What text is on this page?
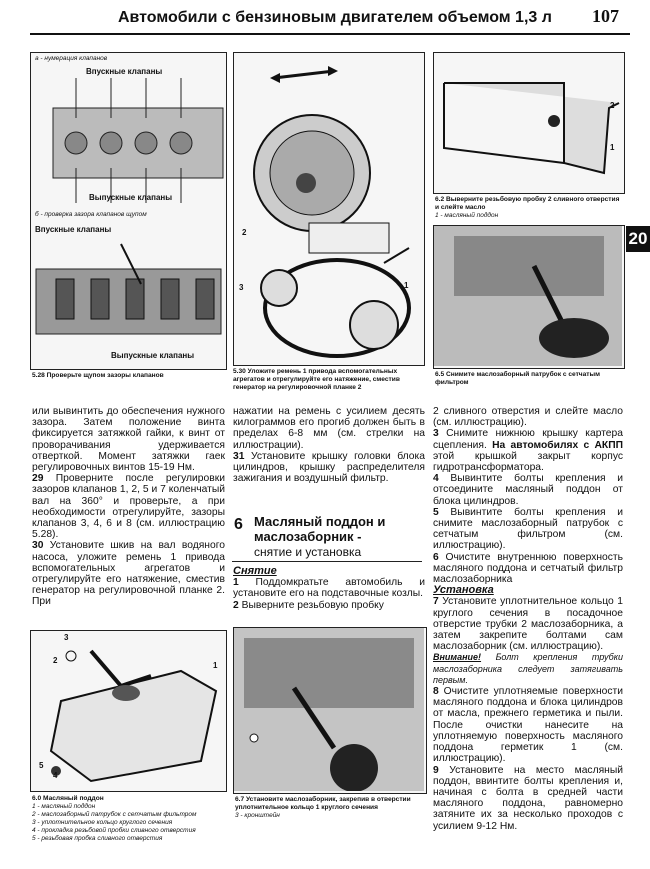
Автомобили с бензиновым двигателем объемом 1,3 л 107
20
а - нумерация клапанов
Впускные клапаны
Выпускные клапаны
б - проверка зазора клапанов щупом
Впускные клапаны
Выпускные клапаны
5.28 Проверьте щупом зазоры клапанов
2
1
3
5.30 Уложите ремень 1 привода вспомогательных агрегатов и отрегулируйте его натяжение, сместив генератор на регулировочной планке 2
2
1
6.2 Выверните резьбовую пробку 2 сливного отверстия и слейте масло
1 - масляный поддон
6.5 Снимите маслозаборный патрубок с сетчатым фильтром

или вывинтить до обеспечения нужного зазора. Затем положение винта фиксируется затяжкой гайки, к винт от проворачивания удерживается отверткой. Момент затяжки гаек регулировочных винтов 15-19 Нм.

29 Проверните после регулировки зазоров клапанов 1, 2, 5 и 7 коленчатый вал на 360° и проверьте, а при необходимости отрегулируйте, зазоры клапанов 3, 4, 6 и 8 (см. иллюстрацию 5.28).

30 Установите шкив на вал водяного насоса, уложите ремень 1 привода вспомогательных агрегатов и отрегулируйте его натяжение, сместив генератор на регулировочной планке 2. При

3
2
1
5
4
6.0 Масляный поддон
1 - масляный поддон
2 - маслозаборный патрубок с сетчатым фильтром
3 - уплотнительное кольцо круглого сечения
4 - прокладка резьбовой пробки сливного отверстия
5 - резьбовая пробка сливного отверстия

нажатии на ремень с усилием десять килограммов его прогиб должен быть в пределах 6-8 мм (см. стрелки на иллюстрации).

31 Установите крышку головки блока цилиндров, крышку распределителя зажигания и воздушный фильтр.

6 Масляный поддон и маслозаборник -
снятие и установка

Снятие

1 Поддомкратьте автомобиль и установите его на подставочные козлы.

2 Выверните резьбовую пробку

6.7 Установите маслозаборник, закрепив в отверстии уплотнительное кольцо 1 круглого сечения
3 - кронштейн

2 сливного отверстия и слейте масло (см. иллюстрацию).

3 Снимите нижнюю крышку картера сцепления. На автомобилях с АКПП этой крышкой закрыт корпус гидротрансформатора.

4 Вывинтите болты крепления и отсоедините масляный поддон от блока цилиндров.

5 Вывинтите болты крепления и снимите маслозаборный патрубок с сетчатым фильтром (см. иллюстрацию).

6 Очистите внутреннюю поверхность масляного поддона и сетчатый фильтр маслозаборника

Установка

7 Установите уплотнительное кольцо 1 круглого сечения в посадочное отверстие трубки 2 маслозаборника, а затем закрепите болтами сам маслозаборник (см. иллюстрацию).

Внимание! Болт крепления трубки маслозаборника следует затягивать первым.

8 Очистите уплотняемые поверхности масляного поддона и блока цилиндров от масла, прежнего герметика и пыли. После очистки нанесите на уплотняемую поверхность масляного поддона герметик 1 (см. иллюстрацию).

9 Установите на место масляный поддон, ввинтите болты крепления и, начиная с болта в средней части масляного поддона, равномерно затяните их за несколько проходов с усилием 9-12 Нм.
